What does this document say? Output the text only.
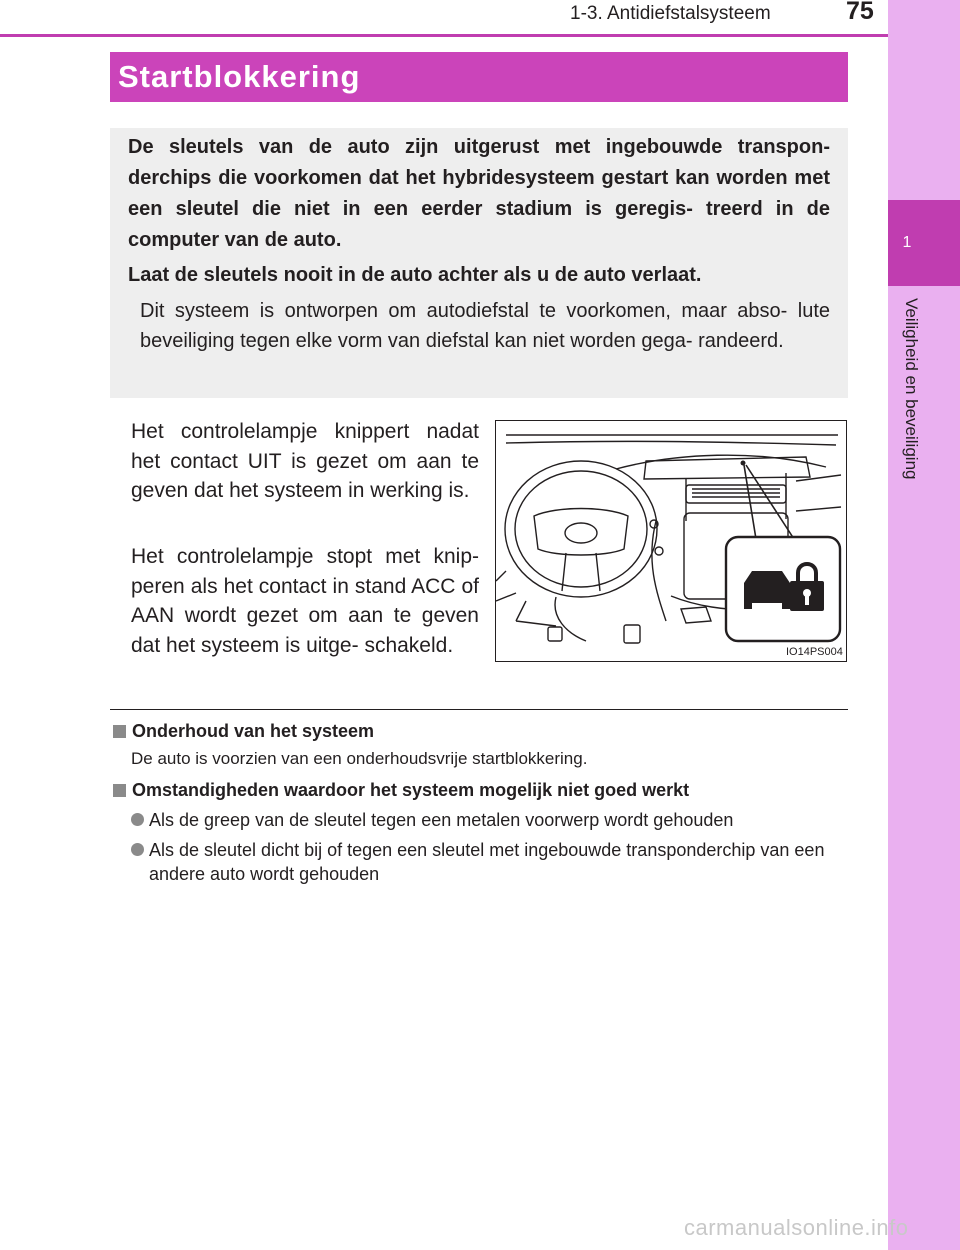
1-3. Antidiefstalsysteem	75
1
Veiligheid en beveiliging
Startblokkering

De sleutels van de auto zijn uitgerust met ingebouwde transpon- derchips die voorkomen dat het hybridesysteem gestart kan worden met een sleutel die niet in een eerder stadium is geregis- treerd in de computer van de auto.

Laat de sleutels nooit in de auto achter als u de auto verlaat.

Dit systeem is ontworpen om autodiefstal te voorkomen, maar abso- lute beveiliging tegen elke vorm van diefstal kan niet worden gega- randeerd.

Het controlelampje knippert nadat het contact UIT is gezet om aan te geven dat het systeem in werking is.

Het controlelampje stopt met knip- peren als het contact in stand ACC of AAN wordt gezet om aan te geven dat het systeem is uitge- schakeld.	IO14PS004
Onderhoud van het systeem
De auto is voorzien van een onderhoudsvrije startblokkering.
Omstandigheden waardoor het systeem mogelijk niet goed werkt
Als de greep van de sleutel tegen een metalen voorwerp wordt gehouden
Als de sleutel dicht bij of tegen een sleutel met ingebouwde transponderchip van een andere auto wordt gehouden
carmanualsonline.info
